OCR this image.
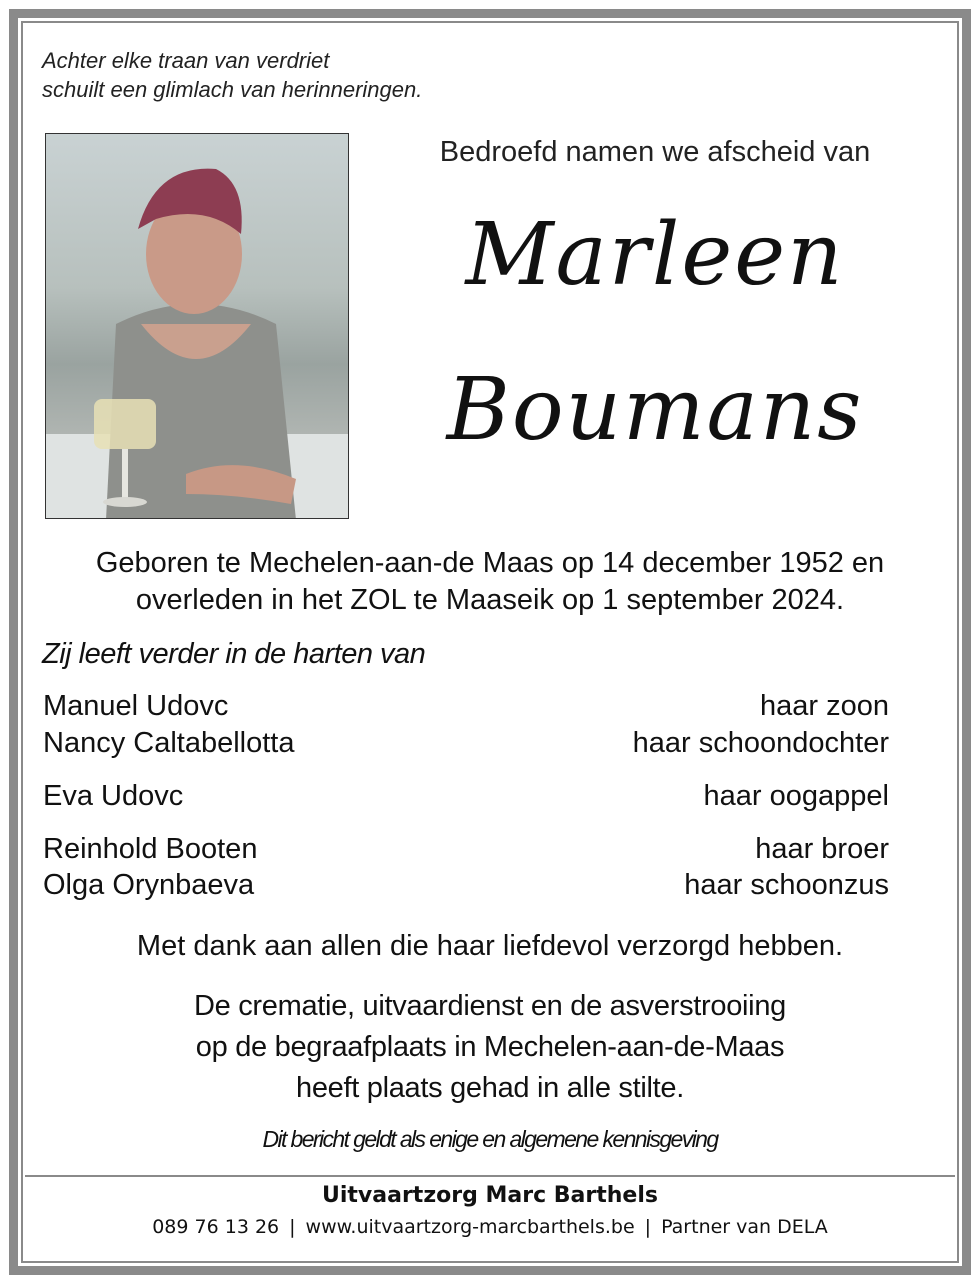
Achter elke traan van verdriet
schuilt een glimlach van herinneringen.
Bedroefd namen we afscheid van
Marleen
Boumans
Geboren te Mechelen-aan-de Maas op 14 december 1952 en
overleden in het ZOL te Maaseik op 1 september 2024.
Zij leeft verder in de harten van
Manuel Udovc	haar zoon
Nancy Caltabellotta	haar schoondochter
Eva Udovc	haar oogappel
Reinhold Booten	haar broer
Olga Orynbaeva	haar schoonzus
Met dank aan allen die haar liefdevol verzorgd hebben.
De crematie, uitvaardienst en de asverstrooiing
op de begraafplaats in Mechelen-aan-de-Maas
heeft plaats gehad in alle stilte.
Dit bericht geldt als enige en algemene kennisgeving
Uitvaartzorg Marc Barthels
089 76 13 26 | www.uitvaartzorg-marcbarthels.be | Partner van DELA
